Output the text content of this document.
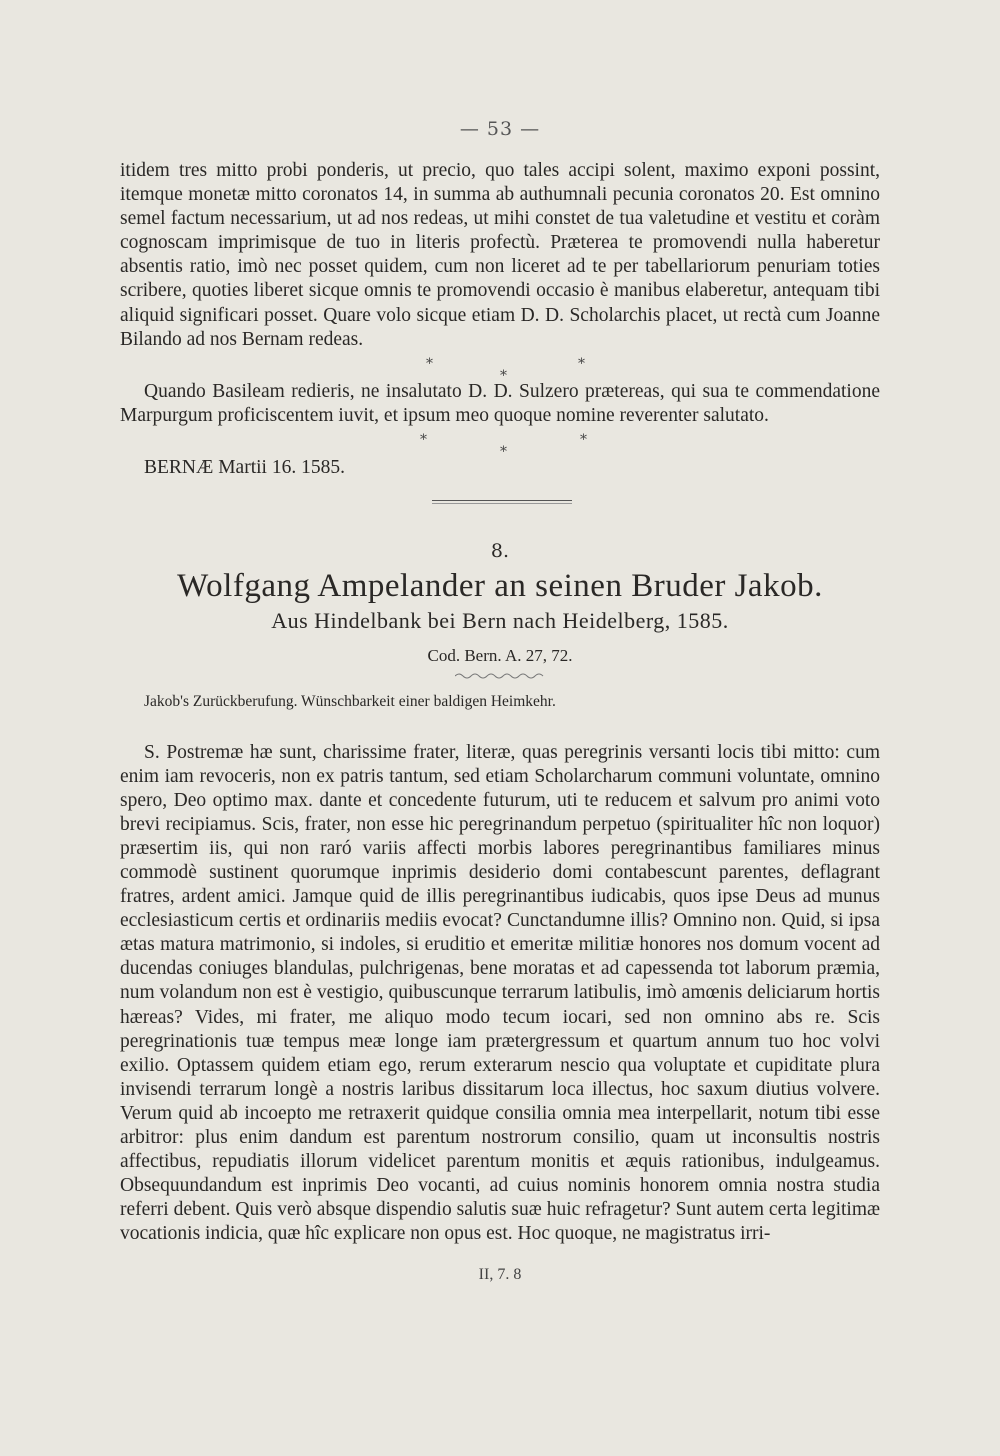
— 53 —
itidem tres mitto probi ponderis, ut precio, quo tales accipi solent, maximo exponi possint, itemque monetæ mitto coronatos 14, in summa ab authumnali pecunia coronatos 20. Est omnino semel factum necessarium, ut ad nos redeas, ut mihi constet de tua valetudine et vestitu et coràm cognoscam imprimisque de tuo in literis profectù. Præterea te promovendi nulla haberetur absentis ratio, imò nec posset quidem, cum non liceret ad te per tabellariorum penuriam toties scribere, quoties liberet sicque omnis te promovendi occasio è manibus elaberetur, antequam tibi aliquid significari posset. Quare volo sicque etiam D. D. Scholarchis placet, ut rectà cum Joanne Bilando ad nos Bernam redeas.
*
*
*
Quando Basileam redieris, ne insalutato D. D. Sulzero prætereas, qui sua te commendatione Marpurgum proficiscentem iuvit, et ipsum meo quoque nomine reverenter salutato.
*
*
*
BERNÆ Martii 16. 1585.
8.
Wolfgang Ampelander an seinen Bruder Jakob.
Aus Hindelbank bei Bern nach Heidelberg, 1585.
Cod. Bern. A. 27, 72.
Jakob's Zurückberufung. Wünschbarkeit einer baldigen Heimkehr.
S. Postremæ hæ sunt, charissime frater, literæ, quas peregrinis versanti locis tibi mitto: cum enim iam revoceris, non ex patris tantum, sed etiam Scholarcharum communi voluntate, omnino spero, Deo optimo max. dante et concedente futurum, uti te reducem et salvum pro animi voto brevi recipiamus. Scis, frater, non esse hic peregrinandum perpetuo (spiritualiter hîc non loquor) præsertim iis, qui non raró variis affecti morbis labores peregrinantibus familiares minus commodè sustinent quorumque inprimis desiderio domi contabescunt parentes, deflagrant fratres, ardent amici. Jamque quid de illis peregrinantibus iudicabis, quos ipse Deus ad munus ecclesiasticum certis et ordinariis mediis evocat? Cunctandumne illis? Omnino non. Quid, si ipsa ætas matura matrimonio, si indoles, si eruditio et emeritæ militiæ honores nos domum vocent ad ducendas coniuges blandulas, pulchrigenas, bene moratas et ad capessenda tot laborum præmia, num volandum non est è vestigio, quibuscunque terrarum latibulis, imò amœnis deliciarum hortis hæreas? Vides, mi frater, me aliquo modo tecum iocari, sed non omnino abs re. Scis peregrinationis tuæ tempus meæ longe iam prætergressum et quartum annum tuo hoc volvi exilio. Optassem quidem etiam ego, rerum exterarum nescio qua voluptate et cupiditate plura invisendi terrarum longè a nostris laribus dissitarum loca illectus, hoc saxum diutius volvere. Verum quid ab incoepto me retraxerit quidque consilia omnia mea interpellarit, notum tibi esse arbitror: plus enim dandum est parentum nostrorum consilio, quam ut inconsultis nostris affectibus, repudiatis illorum videlicet parentum monitis et æquis rationibus, indulgeamus. Obsequundandum est inprimis Deo vocanti, ad cuius nominis honorem omnia nostra studia referri debent. Quis verò absque dispendio salutis suæ huic refragetur? Sunt autem certa legitimæ vocationis indicia, quæ hîc explicare non opus est. Hoc quoque, ne magistratus irri-
II, 7. 8
